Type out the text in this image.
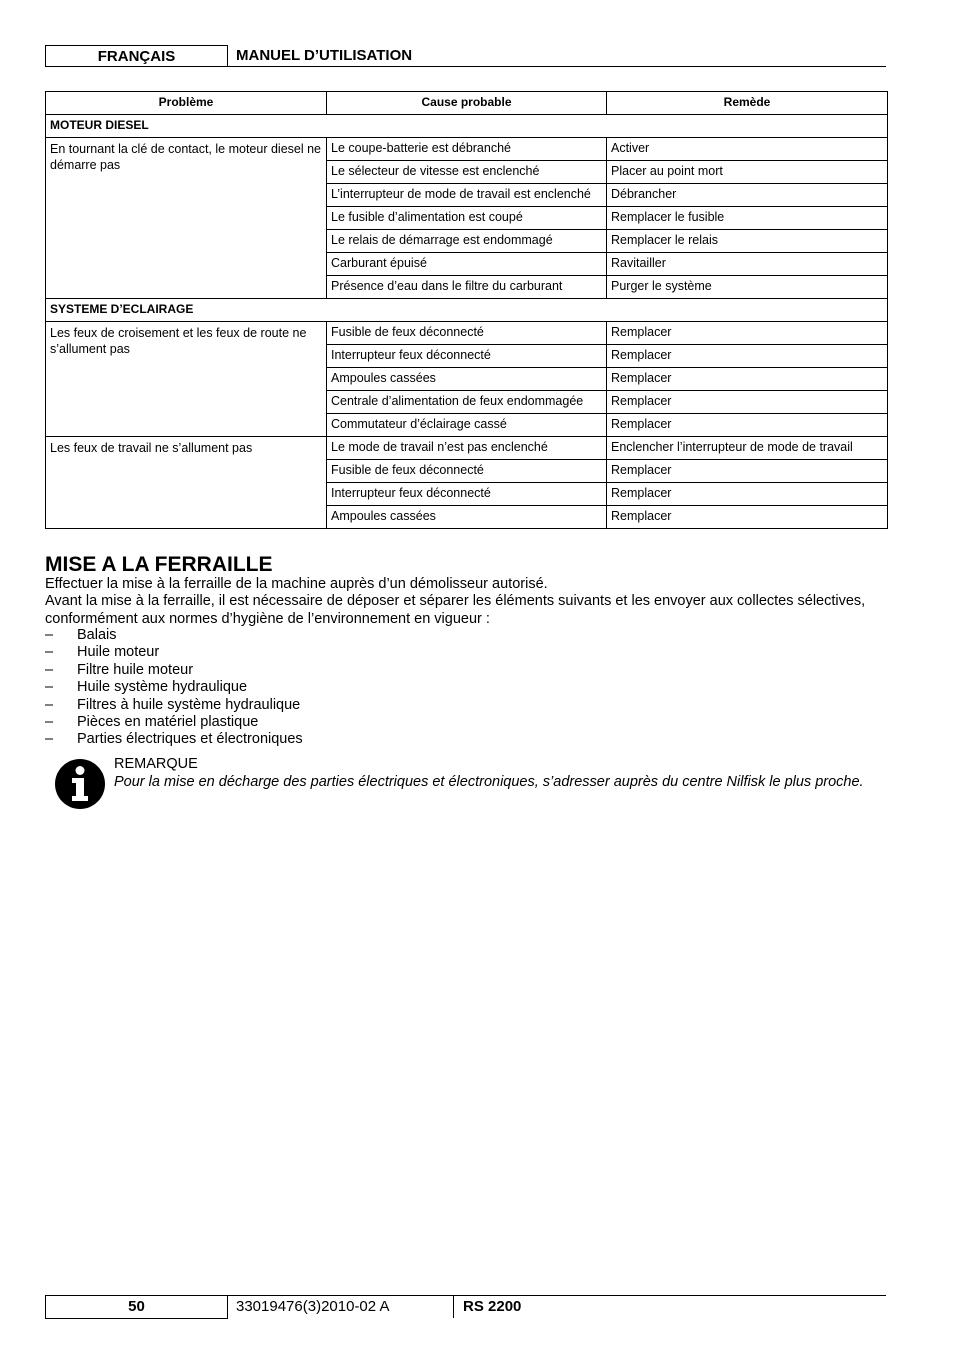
FRANÇAIS	MANUEL D’UTILISATION
Problème	Cause probable	Remède
MOTEUR DIESEL		
En tournant la clé de contact, le moteur diesel ne démarre pas	Le coupe-batterie est débranché	Activer
	Le sélecteur de vitesse est enclenché	Placer au point mort
	L’interrupteur de mode de travail est enclenché	Débrancher
	Le fusible d’alimentation est coupé	Remplacer le fusible
	Le relais de démarrage est endommagé	Remplacer le relais
	Carburant épuisé	Ravitailler
	Présence d’eau dans le filtre du carburant	Purger le système
SYSTEME D’ECLAIRAGE		
Les feux de croisement et les feux de route ne s’allument pas	Fusible de feux déconnecté	Remplacer
	Interrupteur feux déconnecté	Remplacer
	Ampoules cassées	Remplacer
	Centrale d’alimentation de feux endommagée	Remplacer
	Commutateur d’éclairage cassé	Remplacer
Les feux de travail ne s’allument pas	Le mode de travail n’est pas enclenché	Enclencher l’interrupteur de mode de travail
	Fusible de feux déconnecté	Remplacer
	Interrupteur feux déconnecté	Remplacer
	Ampoules cassées	Remplacer
MISE A LA FERRAILLE

Effectuer la mise à la ferraille de la machine auprès d’un démolisseur autorisé.

Avant la mise à la ferraille, il est nécessaire de déposer et séparer les éléments suivants et les envoyer aux collectes sélectives, conformément aux normes d’hygiène de l’environnement en vigueur :

– Balais
– Huile moteur
– Filtre huile moteur
– Huile système hydraulique
– Filtres à huile système hydraulique
– Pièces en matériel plastique
– Parties électriques et électroniques
REMARQUE
Pour la mise en décharge des parties électriques et électroniques, s’adresser auprès du centre Nilfisk le plus proche.
50	33019476(3)2010-02 A	RS 2200
